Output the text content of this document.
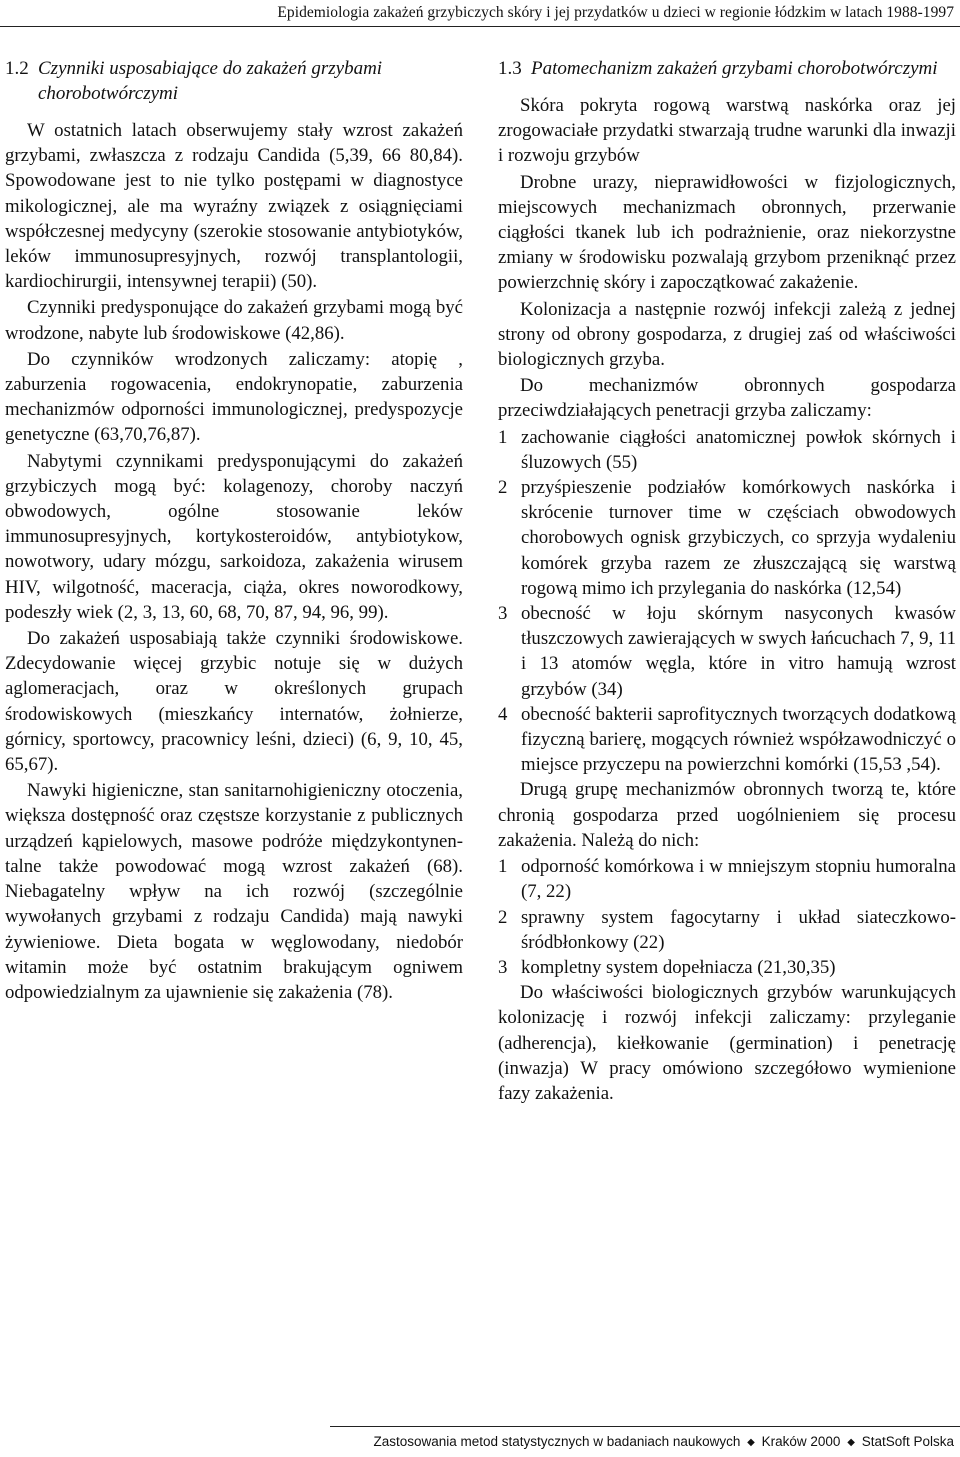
Epidemiologia zakażeń grzybiczych skóry i jej przydatków u dzieci w regionie łódzkim w latach 1988-1997
1.2 Czynniki usposabiające do zakażeń grzybami chorobotwórczymi

W ostatnich latach obserwujemy stały wzrost zakażeń grzybami, zwłaszcza z rodzaju Candida (5,39, 66 80,84). Spowodowane jest to nie tylko postępami w diagnostyce mikologicznej, ale ma wyraźny związek z osiągnięciami współczesnej medycyny (szerokie stosowanie antybiotyków, leków immunosupresyjnych, rozwój transplantologii, kardiochirurgii, intensywnej terapii) (50).

Czynniki predysponujące do zakażeń grzybami mogą być wrodzone, nabyte lub środowiskowe (42,86).

Do czynników wrodzonych zaliczamy: atopię , zaburzenia rogowacenia, endokrynopatie, zaburzenia mechanizmów odporności immunologicznej, predyspozycje genetyczne (63,70,76,87).

Nabytymi czynnikami predysponującymi do zakażeń grzybiczych mogą być: kolagenozy, choroby naczyń obwodowych, ogólne stosowanie leków immunosupresyjnych, kortykosteroidów, antybiotykow, nowotwory, udary mózgu, sarkoidoza, zakażenia wirusem HIV, wilgotność, maceracja, ciąża, okres noworodkowy, podeszły wiek (2, 3, 13, 60, 68, 70, 87, 94, 96, 99).

Do zakażeń usposabiają także czynniki środowiskowe. Zdecydowanie więcej grzybic notuje się w dużych aglomeracjach, oraz w określonych grupach środowiskowych (mieszkańcy internatów, żołnierze, górnicy, sportowcy, pracownicy leśni, dzieci) (6, 9, 10, 45, 65,67).

Nawyki higieniczne, stan sanitarnohigieniczny otoczenia, większa dostępność oraz częstsze korzystanie z publicznych urządzeń kąpielowych, masowe podróże międzykontynentalne także powodować mogą wzrost zakażeń (68). Niebagatelny wpływ na ich rozwój (szczególnie wywołanych grzybami z rodzaju Candida) mają nawyki żywieniowe. Dieta bogata w węglowodany, niedobór witamin może być ostatnim brakującym ogniwem odpowiedzialnym za ujawnienie się zakażenia (78).

1.3 Patomechanizm zakażeń grzybami chorobotwórczymi

Skóra pokryta rogową warstwą naskórka oraz jej zrogowaciałe przydatki stwarzają trudne warunki dla inwazji i rozwoju grzybów

Drobne urazy, nieprawidłowości w fizjologicznych, miejscowych mechanizmach obronnych, przerwanie ciągłości tkanek lub ich podrażnienie, oraz niekorzystne zmiany w środowisku pozwalają grzybom przeniknąć przez powierzchnię skóry i zapoczątkować zakażenie.

Kolonizacja a następnie rozwój infekcji zależą z jednej strony od obrony gospodarza, z drugiej zaś od właściwości biologicznych grzyba.

Do mechanizmów obronnych gospodarza przeciwdziałających penetracji grzyba zaliczamy:

1 zachowanie ciągłości anatomicznej powłok skórnych i śluzowych (55)
2 przyśpieszenie podziałów komórkowych naskórka i skrócenie turnover time w częściach obwodowych chorobowych ognisk grzybiczych, co sprzyja wydaleniu komórek grzyba razem ze złuszczającą się warstwą rogową mimo ich przylegania do naskórka (12,54)
3 obecność w łoju skórnym nasyconych kwasów tłuszczowych zawierających w swych łańcuchach 7, 9, 11 i 13 atomów węgla, które in vitro hamują wzrost grzybów (34)
4 obecność bakterii saprofitycznych tworzących dodatkową fizyczną barierę, mogących również współzawodniczyć o miejsce przyczepu na powierzchni komórki (15,53 ,54).

Drugą grupę mechanizmów obronnych tworzą te, które chronią gospodarza przed uogólnieniem się procesu zakażenia. Należą do nich:

1 odporność komórkowa i w mniejszym stopniu humoralna (7, 22)
2 sprawny system fagocytarny i układ siateczkowo-śródbłonkowy (22)
3 kompletny system dopełniacza (21,30,35)

Do właściwości biologicznych grzybów warunkujących kolonizację i rozwój infekcji zaliczamy: przyleganie (adherencja), kiełkowanie (germination) i penetrację (inwazja) W pracy omówiono szczegółowo wymienione fazy zakażenia.

Zastosowania metod statystycznych w badaniach naukowych ◆ Kraków 2000 ◆ StatSoft Polska
